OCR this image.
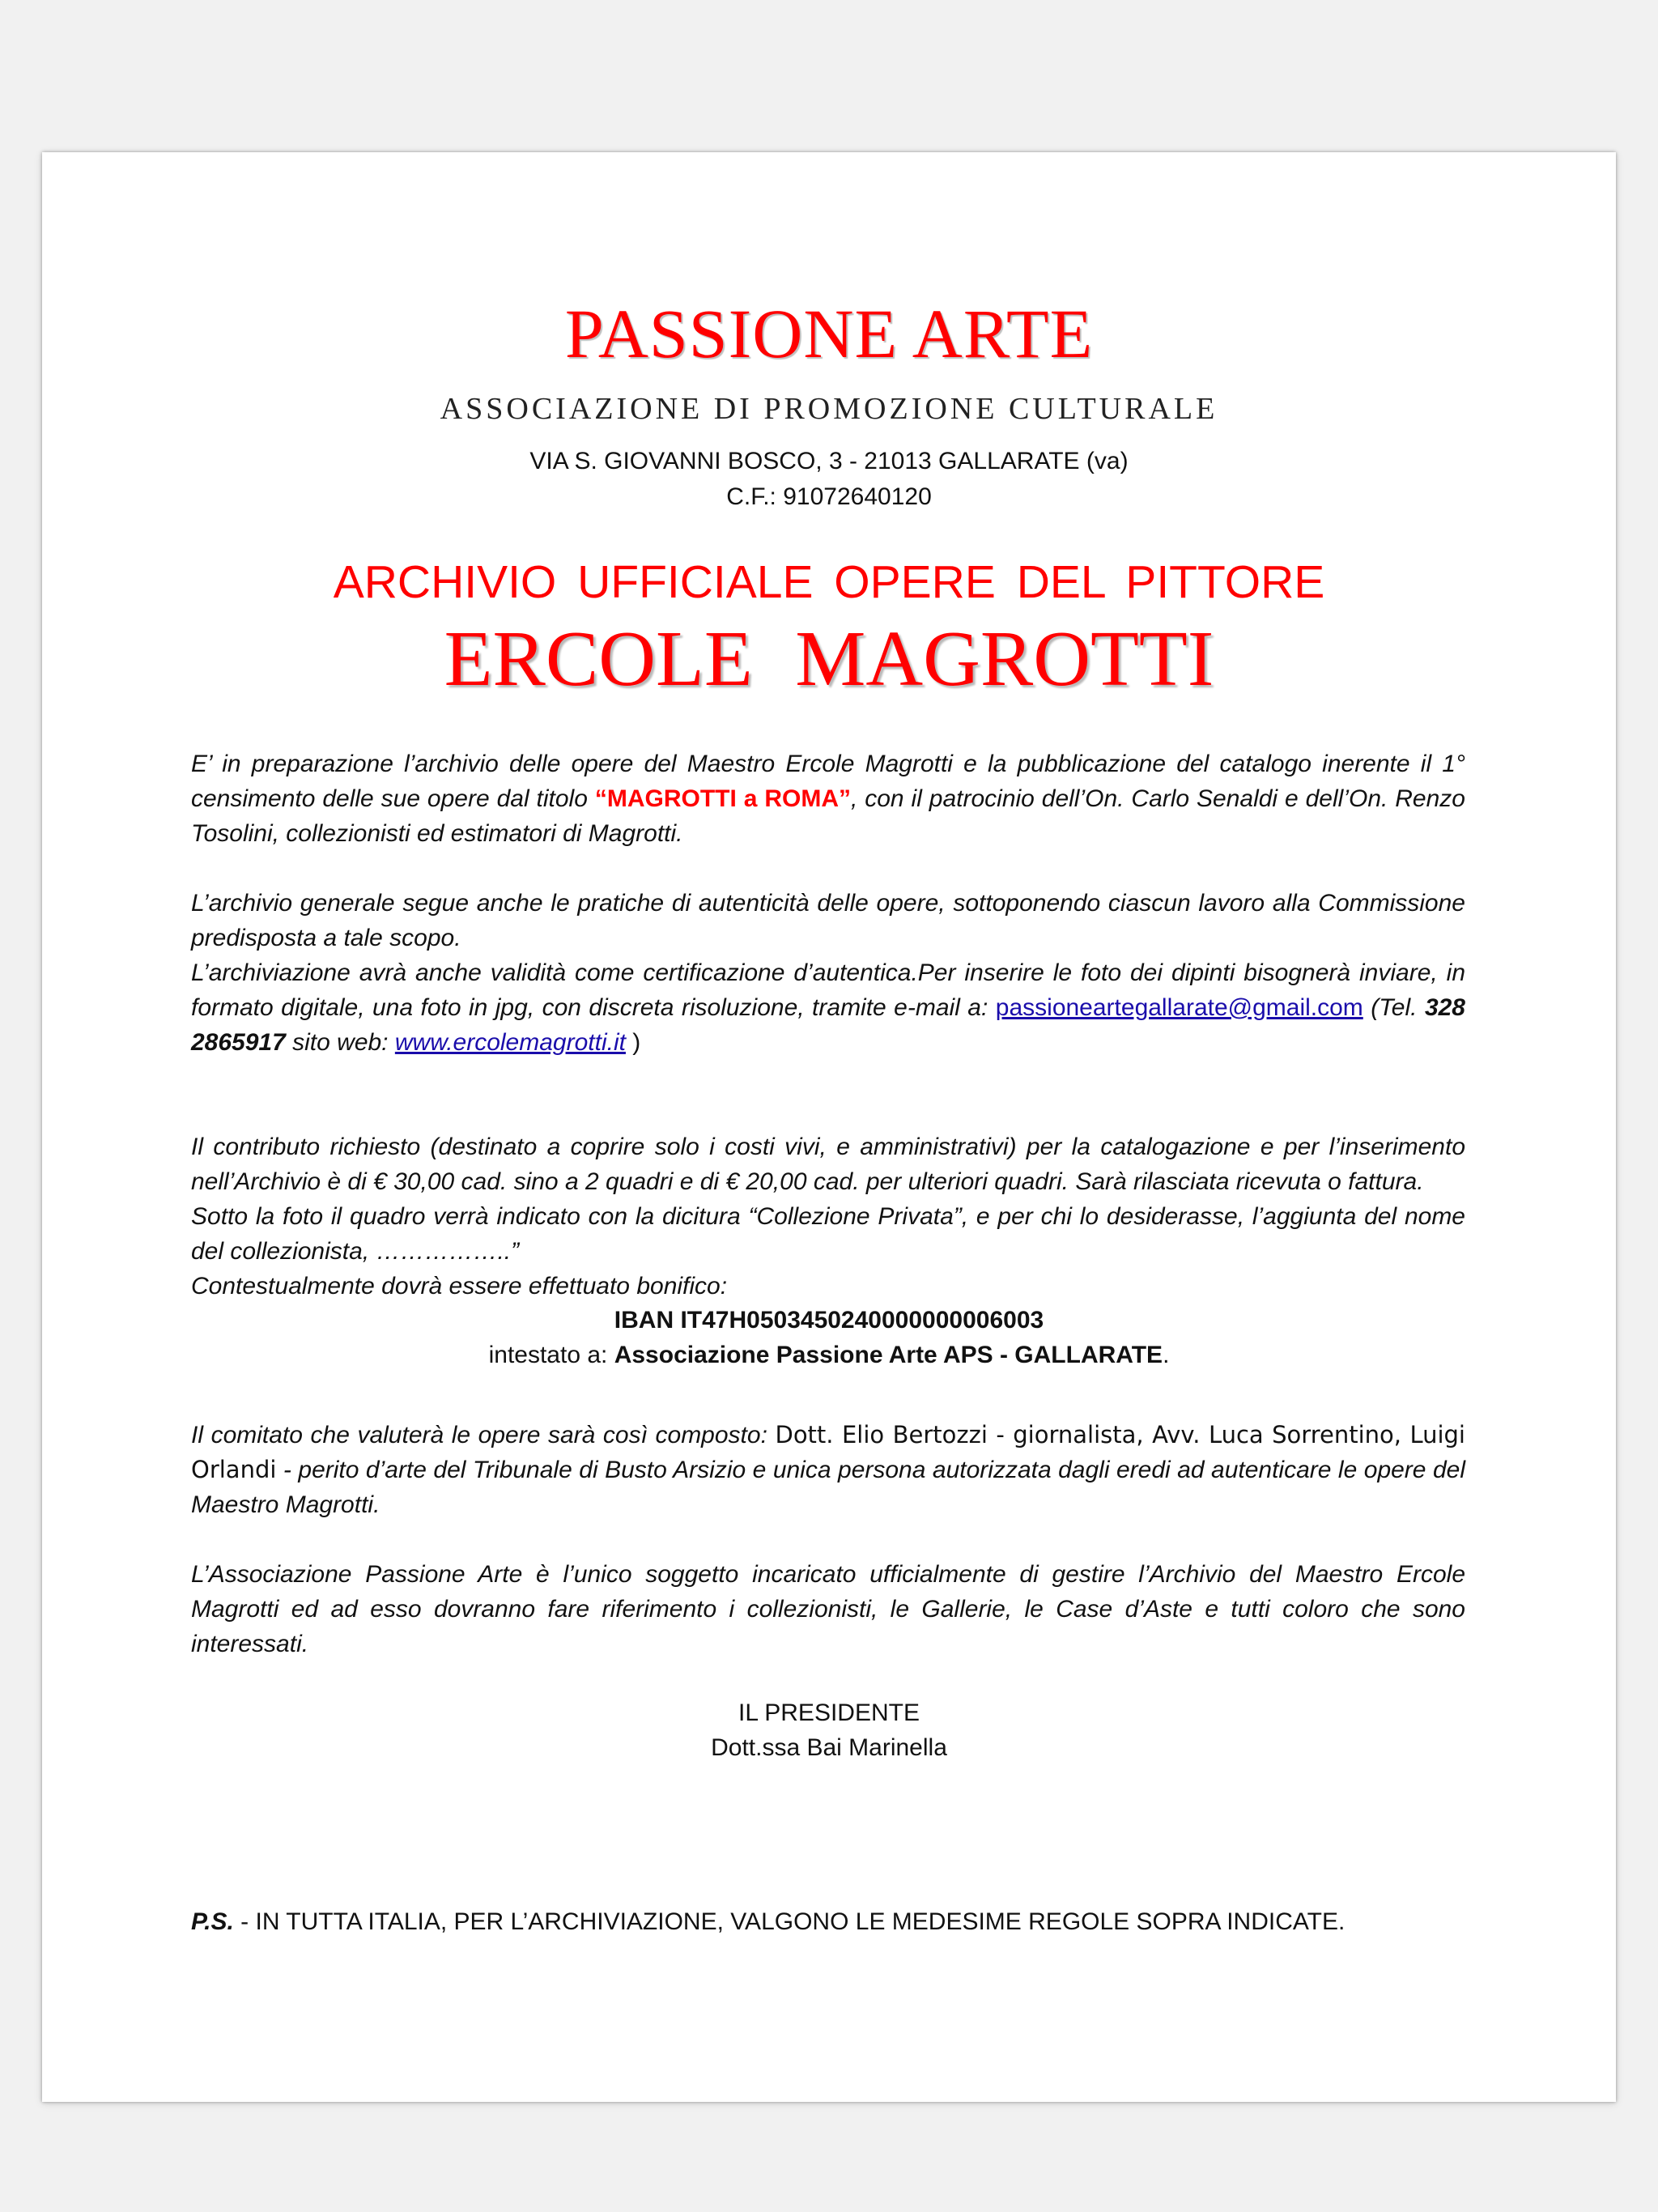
PASSIONE ARTE
ASSOCIAZIONE DI PROMOZIONE CULTURALE
VIA S. GIOVANNI BOSCO, 3 - 21013 GALLARATE (va)
C.F.: 91072640120
ARCHIVIO UFFICIALE OPERE DEL PITTORE
ERCOLE MAGROTTI

E’ in preparazione l’archivio delle opere del Maestro Ercole Magrotti e la pubblicazione del catalogo inerente il 1° censimento delle sue opere dal titolo “MAGROTTI a ROMA”, con il patrocinio dell’On. Carlo Senaldi e dell’On. Renzo Tosolini, collezionisti ed estimatori di Magrotti.

L’archivio generale segue anche le pratiche di autenticità delle opere, sottoponendo ciascun lavoro alla Commissione predisposta a tale scopo.

L’archiviazione avrà anche validità come certificazione d’autentica.Per inserire le foto dei dipinti bisognerà inviare, in formato digitale, una foto in jpg, con discreta risoluzione, tramite e-mail a: passioneartegallarate@gmail.com (Tel. 328 2865917 sito web: www.ercolemagrotti.it )

Il contributo richiesto (destinato a coprire solo i costi vivi, e amministrativi) per la catalogazione e per l’inserimento nell’Archivio è di € 30,00 cad. sino a 2 quadri e di € 20,00 cad. per ulteriori quadri. Sarà rilasciata ricevuta o fattura.

Sotto la foto il quadro verrà indicato con la dicitura “Collezione Privata”, e per chi lo desiderasse, l’aggiunta del nome del collezionista, ……………..”

Contestualmente dovrà essere effettuato bonifico:

IBAN IT47H0503450240000000006003
intestato a: Associazione Passione Arte APS - GALLARATE.

Il comitato che valuterà le opere sarà così composto: Dott. Elio Bertozzi - giornalista, Avv. Luca Sorrentino, Luigi Orlandi - perito d’arte del Tribunale di Busto Arsizio e unica persona autorizzata dagli eredi ad autenticare le opere del Maestro Magrotti.

L’Associazione Passione Arte è l’unico soggetto incaricato ufficialmente di gestire l’Archivio del Maestro Ercole Magrotti ed ad esso dovranno fare riferimento i collezionisti, le Gallerie, le Case d’Aste e tutti coloro che sono interessati.

IL PRESIDENTE
Dott.ssa Bai Marinella
P.S. - IN TUTTA ITALIA, PER L’ARCHIVIAZIONE, VALGONO LE MEDESIME REGOLE SOPRA INDICATE.
